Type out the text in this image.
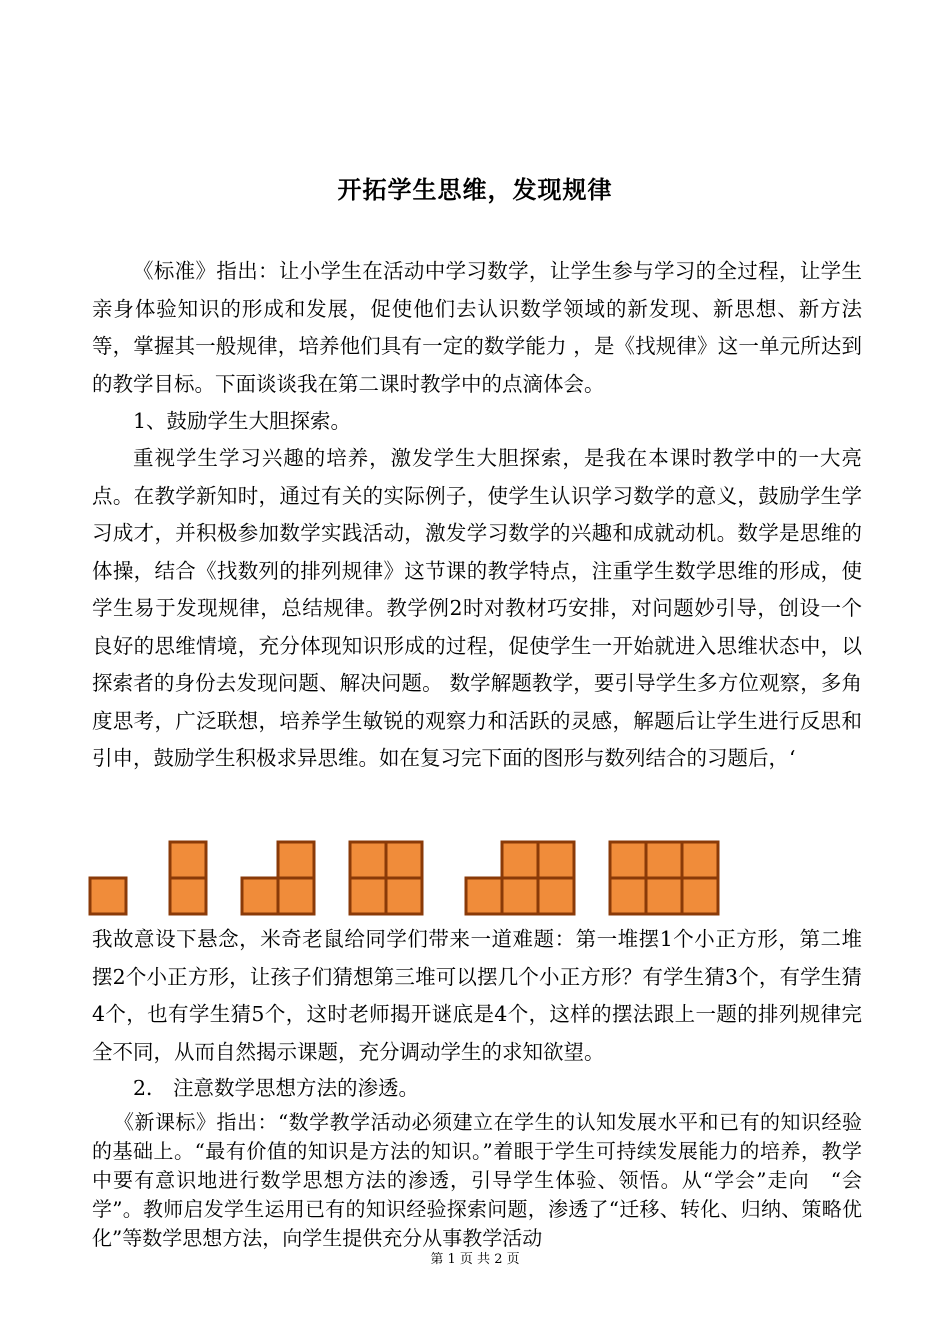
开拓学生思维，发现规律

《标准》指出：让小学生在活动中学习数学，让学生参与学习的全过程，让学生亲身体验知识的形成和发展，促使他们去认识数学领域的新发现、新思想、新方法等，掌握其一般规律，培养他们具有一定的数学能力 ，是《找规律》这一单元所达到的教学目标。下面谈谈我在第二课时教学中的点滴体会。

1、鼓励学生大胆探索。

重视学生学习兴趣的培养，激发学生大胆探索，是我在本课时教学中的一大亮点。在教学新知时，通过有关的实际例子，使学生认识学习数学的意义，鼓励学生学习成才，并积极参加数学实践活动，激发学习数学的兴趣和成就动机。数学是思维的体操，结合《找数列的排列规律》这节课的教学特点，注重学生数学思维的形成，使学生易于发现规律，总结规律。教学例2时对教材巧安排，对问题妙引导，创设一个良好的思维情境，充分体现知识形成的过程，促使学生一开始就进入思维状态中，以探索者的身份去发现问题、解决问题。 数学解题教学，要引导学生多方位观察，多角度思考，广泛联想，培养学生敏锐的观察力和活跃的灵感，解题后让学生进行反思和引申，鼓励学生积极求异思维。如在复习完下面的图形与数列结合的习题后，‘

我故意设下悬念，米奇老鼠给同学们带来一道难题：第一堆摆1个小正方形，第二堆摆2个小正方形，让孩子们猜想第三堆可以摆几个小正方形？有学生猜3个，有学生猜4个，也有学生猜5个，这时老师揭开谜底是4个，这样的摆法跟上一题的排列规律完全不同，从而自然揭示课题，充分调动学生的求知欲望。

2． 注意数学思想方法的渗透。

《新课标》指出：“数学教学活动必须建立在学生的认知发展水平和已有的知识经验的基础上。“最有价值的知识是方法的知识。”着眼于学生可持续发展能力的培养，教学中要有意识地进行数学思想方法的渗透，引导学生体验、领悟。从“学会”走向　“会学”。教师启发学生运用已有的知识经验探索问题，渗透了“迁移、转化、归纳、策略优化”等数学思想方法，向学生提供充分从事教学活动

第 1 页 共 2 页
